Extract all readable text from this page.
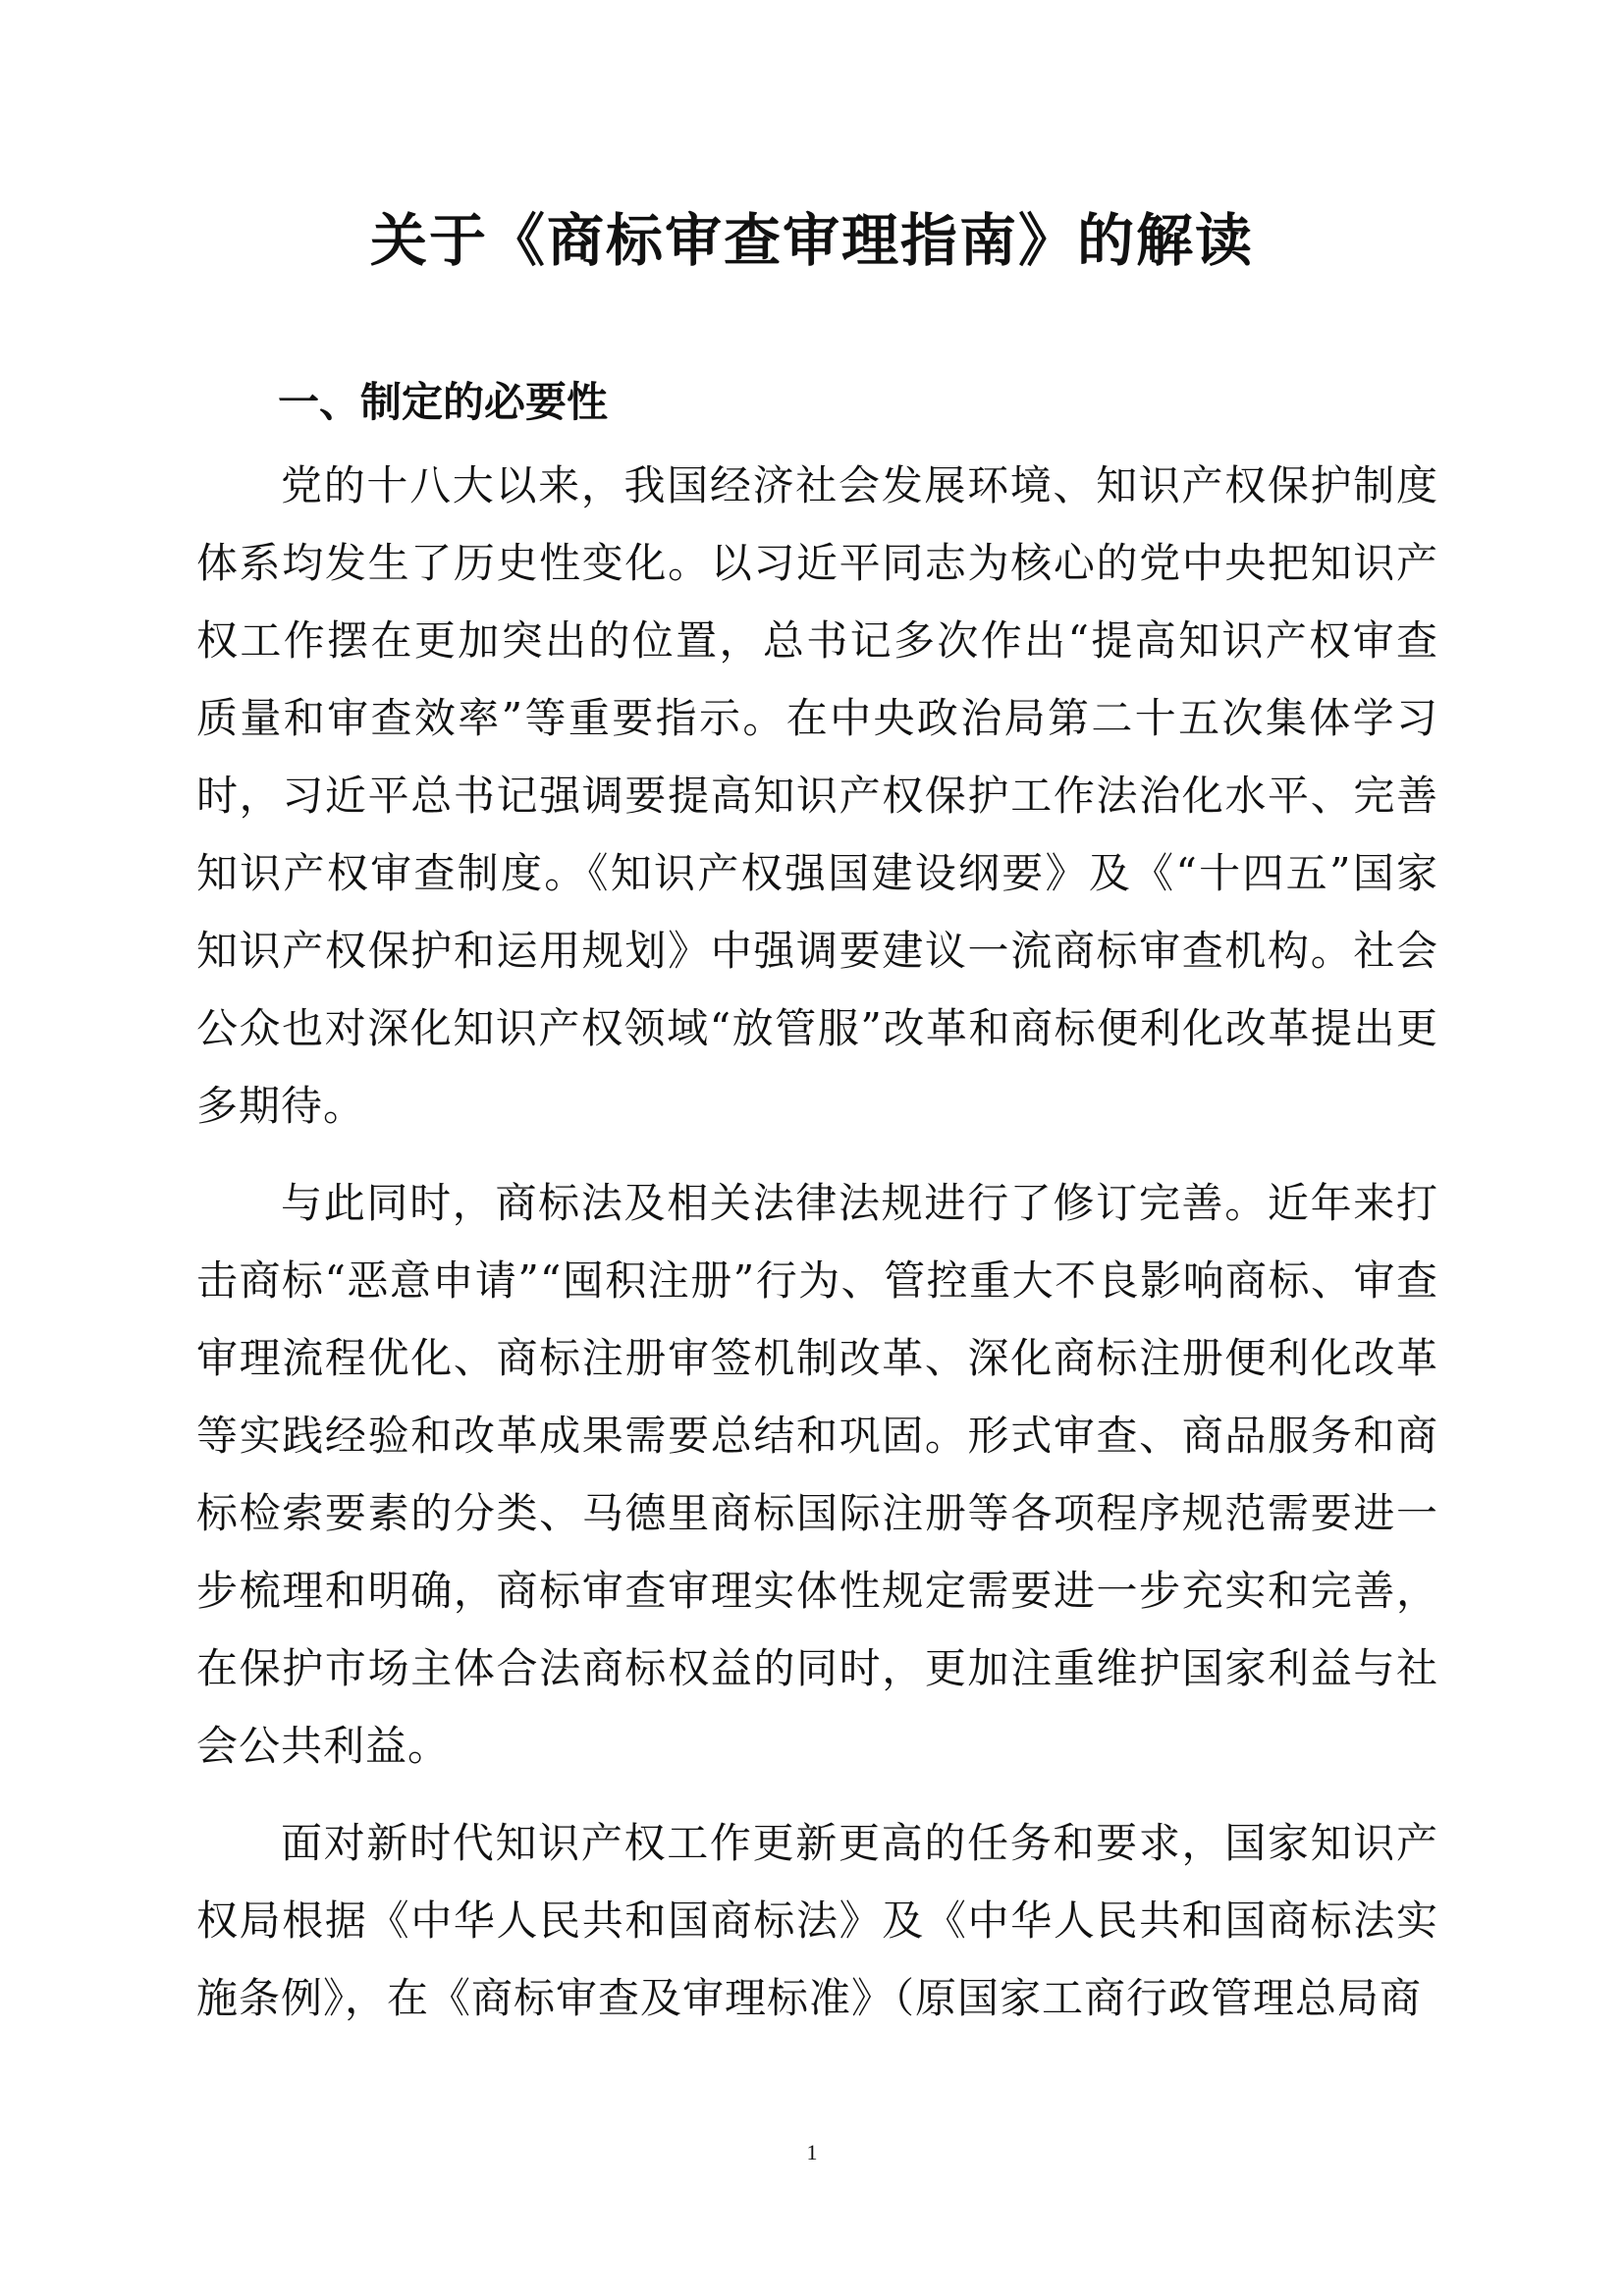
关于《商标审查审理指南》的解读
一、制定的必要性

党的十八大以来，我国经济社会发展环境、知识产权保护制度体系均发生了历史性变化。以习近平同志为核心的党中央把知识产权工作摆在更加突出的位置，总书记多次作出“提高知识产权审查质量和审查效率”等重要指示。在中央政治局第二十五次集体学习时，习近平总书记强调要提高知识产权保护工作法治化水平、完善知识产权审查制度。《知识产权强国建设纲要》及《“十四五”国家知识产权保护和运用规划》中强调要建议一流商标审查机构。社会公众也对深化知识产权领域“放管服”改革和商标便利化改革提出更多期待。

与此同时，商标法及相关法律法规进行了修订完善。近年来打击商标“恶意申请”“囤积注册”行为、管控重大不良影响商标、审查审理流程优化、商标注册审签机制改革、深化商标注册便利化改革等实践经验和改革成果需要总结和巩固。形式审查、商品服务和商标检索要素的分类、马德里商标国际注册等各项程序规范需要进一步梳理和明确，商标审查审理实体性规定需要进一步充实和完善，在保护市场主体合法商标权益的同时，更加注重维护国家利益与社会公共利益。

面对新时代知识产权工作更新更高的任务和要求，国家知识产权局根据《中华人民共和国商标法》及《中华人民共和国商标法实施条例》，在《商标审查及审理标准》（原国家工商行政管理总局商

1
